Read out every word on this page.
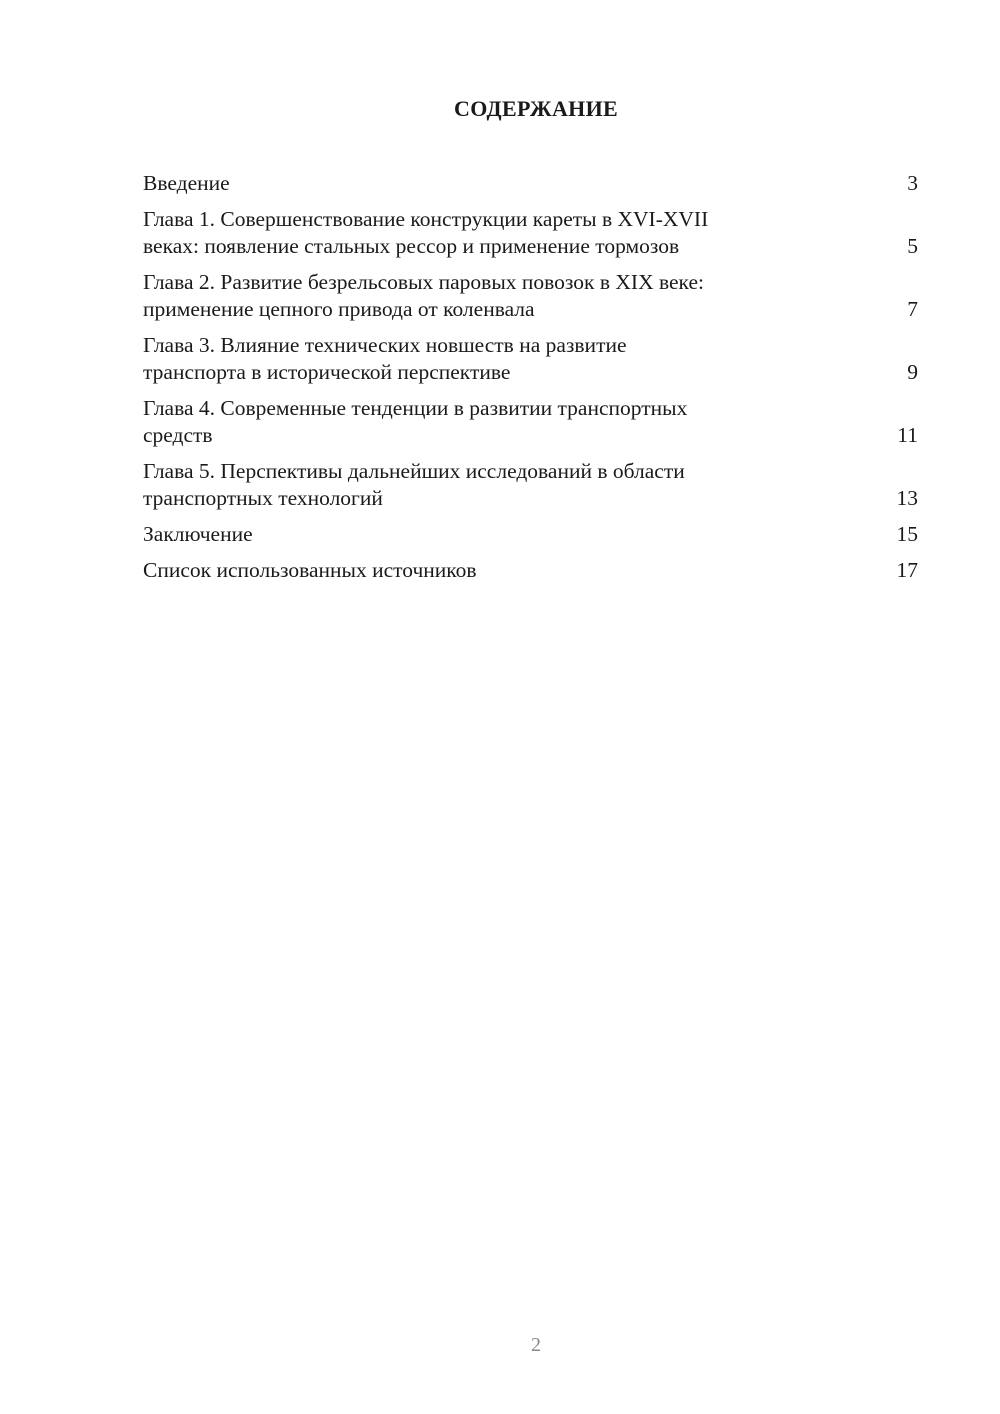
СОДЕРЖАНИЕ
Введение	3
Глава 1. Совершенствование конструкции кареты в XVI-XVII
веках: появление стальных рессор и применение тормозов	5
Глава 2. Развитие безрельсовых паровых повозок в XIX веке:
применение цепного привода от коленвала	7
Глава 3. Влияние технических новшеств на развитие
транспорта в исторической перспективе	9
Глава 4. Современные тенденции в развитии транспортных
средств	11
Глава 5. Перспективы дальнейших исследований в области
транспортных технологий	13
Заключение	15
Список использованных источников	17
2
